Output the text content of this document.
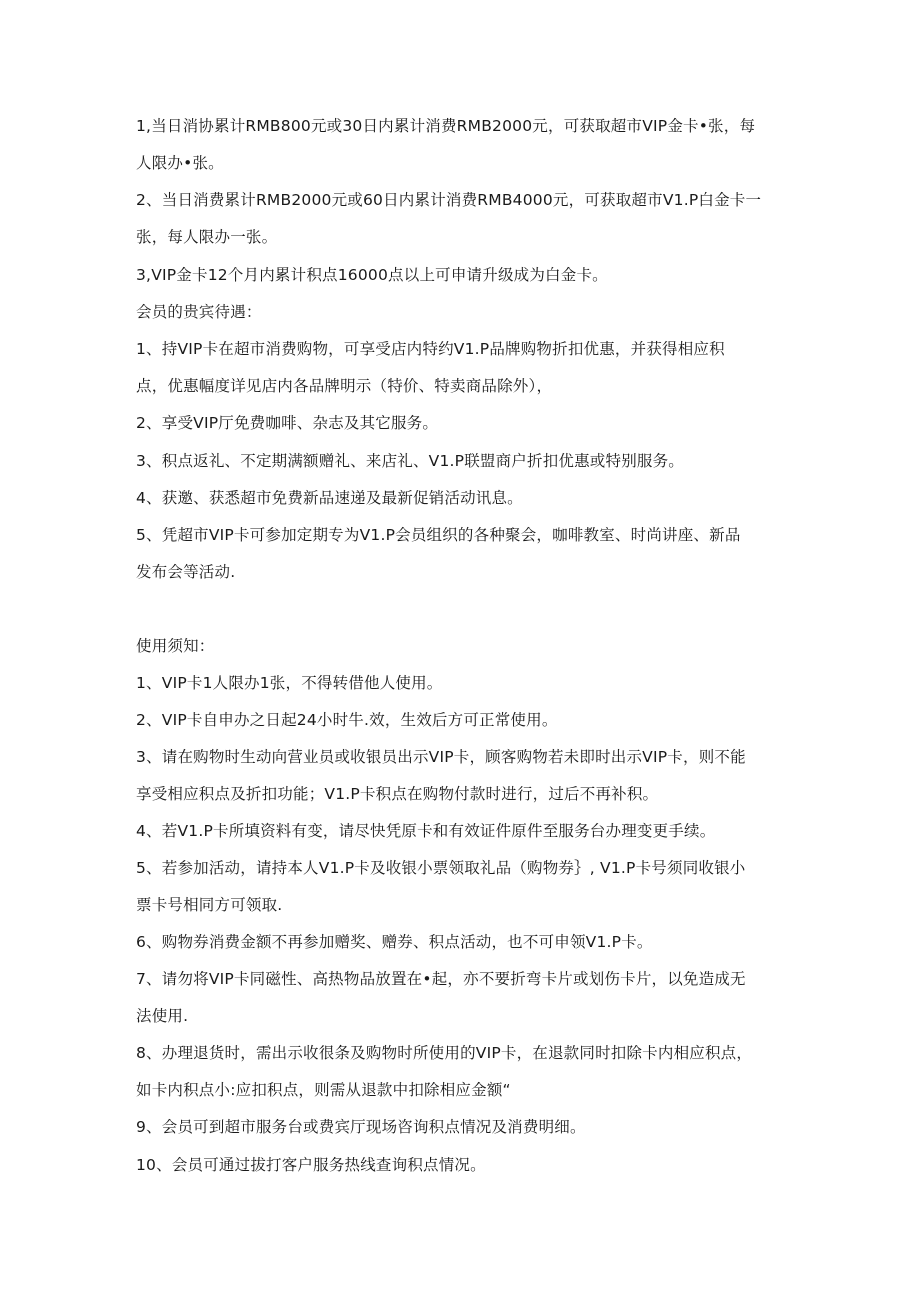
1,当日消协累计RMB800元或30日内累计消费RMB2000元，可获取超市VIP金卡•张，每
人限办•张。
2、当日消费累计RMB2000元或60日内累计消费RMB4000元，可获取超市V1.P白金卡一
张，每人限办一张。
3,VIP金卡12个月内累计积点16000点以上可申请升级成为白金卡。
会员的贵宾待遇：
1、持VIP卡在超市消费购物，可享受店内特约V1.P品牌购物折扣优惠，并获得相应积
点，优惠幅度详见店内各品牌明示（特价、特卖商品除外），
2、享受VIP厅免费咖啡、杂志及其它服务。
3、积点返礼、不定期满额赠礼、来店礼、V1.P联盟商户折扣优惠或特别服务。
4、获邀、获悉超市免费新品速递及最新促销活动讯息。
5、凭超市VIP卡可参加定期专为V1.P会员组织的各种聚会，咖啡教室、时尚讲座、新品
发布会等活动.
使用须知：
1、VIP卡1人限办1张，不得转借他人使用。
2、VIP卡自申办之日起24小时牛.效，生效后方可正常使用。
3、请在购物时生动向营业员或收银员出示VIP卡，顾客购物若未即时出示VIP卡，则不能
享受相应积点及折扣功能；V1.P卡积点在购物付款时进行，过后不再补积。
4、若V1.P卡所填资料有变，请尽快凭原卡和有效证件原件至服务台办理变更手续。
5、若参加活动，请持本人V1.P卡及收银小票领取礼品（购物券｝, V1.P卡号须同收银小
票卡号相同方可领取.
6、购物券消费金额不再参加赠奖、赠券、积点活动，也不可申领V1.P卡。
7、请勿将VIP卡同磁性、高热物品放置在•起，亦不要折弯卡片或划伤卡片，以免造成无
法使用.
8、办理退货时，需出示收很条及购物时所使用的VIP卡，在退款同时扣除卡内相应积点，
如卡内积点小:应扣积点，则需从退款中扣除相应金额“
9、会员可到超市服务台或费宾厅现场咨询积点情况及消费明细。
10、会员可通过拔打客户服务热线查询积点情况。
